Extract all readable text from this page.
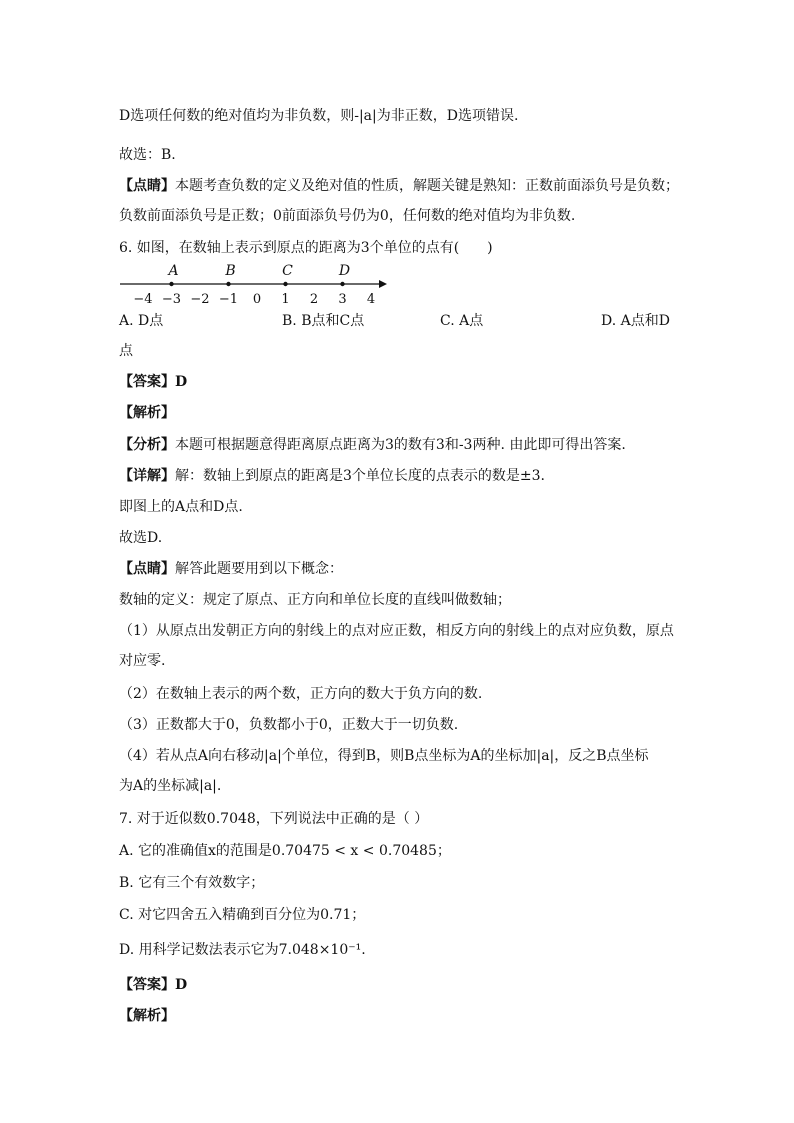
D选项任何数的绝对值均为非负数，则-|a|为非正数，D选项错误.
故选：B.
【点睛】本题考查负数的定义及绝对值的性质，解题关键是熟知：正数前面添负号是负数；
负数前面添负号是正数；0前面添负号仍为0，任何数的绝对值均为非负数.
6. 如图，在数轴上表示到原点的距离为3个单位的点有(　　)
−4 −3 −2 −1 0 1 2 3 4
A	B	C	D
A. D点	B. B点和C点	C. A点	D. A点和D
点
【答案】D
【解析】
【分析】本题可根据题意得距离原点距离为3的数有3和-3两种. 由此即可得出答案.
【详解】解：数轴上到原点的距离是3个单位长度的点表示的数是±3.
即图上的A点和D点.
故选D.
【点睛】解答此题要用到以下概念：
数轴的定义：规定了原点、正方向和单位长度的直线叫做数轴；
（1）从原点出发朝正方向的射线上的点对应正数，相反方向的射线上的点对应负数，原点
对应零.
（2）在数轴上表示的两个数，正方向的数大于负方向的数.
（3）正数都大于0，负数都小于0，正数大于一切负数.
（4）若从点A向右移动|a|个单位，得到B，则B点坐标为A的坐标加|a|，反之B点坐标
为A的坐标减|a|.
7. 对于近似数0.7048，下列说法中正确的是（ ）
A. 它的准确值x的范围是0.70475 < x < 0.70485；
B. 它有三个有效数字；
C. 对它四舍五入精确到百分位为0.71；
D. 用科学记数法表示它为7.048×10⁻¹.
【答案】D
【解析】
